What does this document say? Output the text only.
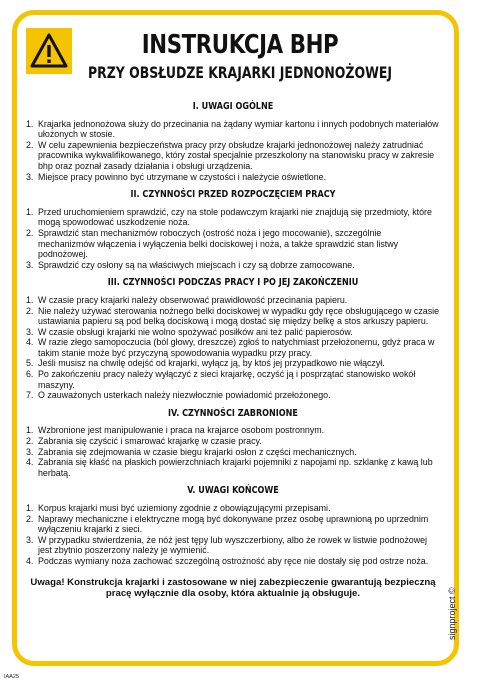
INSTRUKCJA BHP
PRZY OBSŁUDZE KRAJARKI JEDNONOŻOWEJ
I. UWAGI OGÓLNE
1. Krajarka jednonożowa służy do przecinania na żądany wymiar kartonu i innych podobnych materiałów ułożonych w stosie.
2. W celu zapewnienia bezpieczeństwa pracy przy obsłudze krajarki jednonożowej należy zatrudniać pracownika wykwalifikowanego, który został specjalnie przeszkolony na stanowisku pracy w zakresie bhp oraz poznał zasady działania i obsługi urządzenia.
3. Miejsce pracy powinno być utrzymane w czystości i należycie oświetlone.
II. CZYNNOŚCI PRZED ROZPOCZĘCIEM PRACY
1. Przed uruchomieniem sprawdzić, czy na stole podawczym krajarki nie znajdują się przedmioty, które mogą spowodować uszkodzenie noża.
2. Sprawdzić stan mechanizmów roboczych (ostrość noża i jego mocowanie), szczególnie mechanizmów włączenia i wyłączenia belki dociskowej i noża, a także sprawdzić stan listwy podnożowej.
3. Sprawdzić czy osłony są na właściwych miejscach i czy są dobrze zamocowane.
III. CZYNNOŚCI PODCZAS PRACY I PO JEJ ZAKOŃCZENIU
1. W czasie pracy krajarki należy obserwować prawidłowość przecinania papieru.
2. Nie należy używać sterowania nożnego belki dociskowej w wypadku gdy ręce obsługującego w czasie ustawiania papieru są pod belką dociskową i mogą dostać się między belkę a stos arkuszy papieru.
3. W czasie obsługi krajarki nie wolno spożywać posiłków ani też palić papierosów.
4. W razie złego samopoczucia (ból głowy, dreszcze) zgłoś to natychmiast przełożonemu, gdyż praca w takim stanie może być przyczyną spowodowania wypadku przy pracy.
5. Jeśli musisz na chwilę odejść od krajarki, wyłącz ją, by ktoś jej przypadkowo nie włączył.
6. Po zakończeniu pracy należy wyłączyć z sieci krajarkę, oczyść ją i posprzątać stanowisko wokół maszyny.
7. O zauważonych usterkach należy niezwłocznie powiadomić przełożonego.
IV. CZYNNOŚCI ZABRONIONE
1. Wzbronione jest manipulowanie i praca na krajarce osobom postronnym.
2. Zabrania się czyścić i smarować krajarkę w czasie pracy.
3. Zabrania się zdejmowania w czasie biegu krajarki osłon z części mechanicznych.
4. Zabrania się kłaść na płaskich powierzchniach krajarki pojemniki z napojami np. szklankę z kawą lub herbatą.
V. UWAGI KOŃCOWE
1. Korpus krajarki musi być uziemiony zgodnie z obowiązującymi przepisami.
2. Naprawy mechaniczne i elektryczne mogą być dokonywane przez osobę uprawnioną po uprzednim wyłączeniu krajarki z sieci.
3. W przypadku stwierdzenia, że nóż jest tępy lub wyszczerbiony, albo że rowek w listwie podnożowej jest zbytnio poszerzony należy je wymienić.
4. Podczas wymiany noża zachować szczególną ostrożność aby ręce nie dostały się pod ostrze noża.
Uwaga! Konstrukcja krajarki i zastosowane w niej zabezpieczenie gwarantują bezpieczną pracę wyłącznie dla osoby, która aktualnie ją obsługuje.	signproject ©
IAA25
